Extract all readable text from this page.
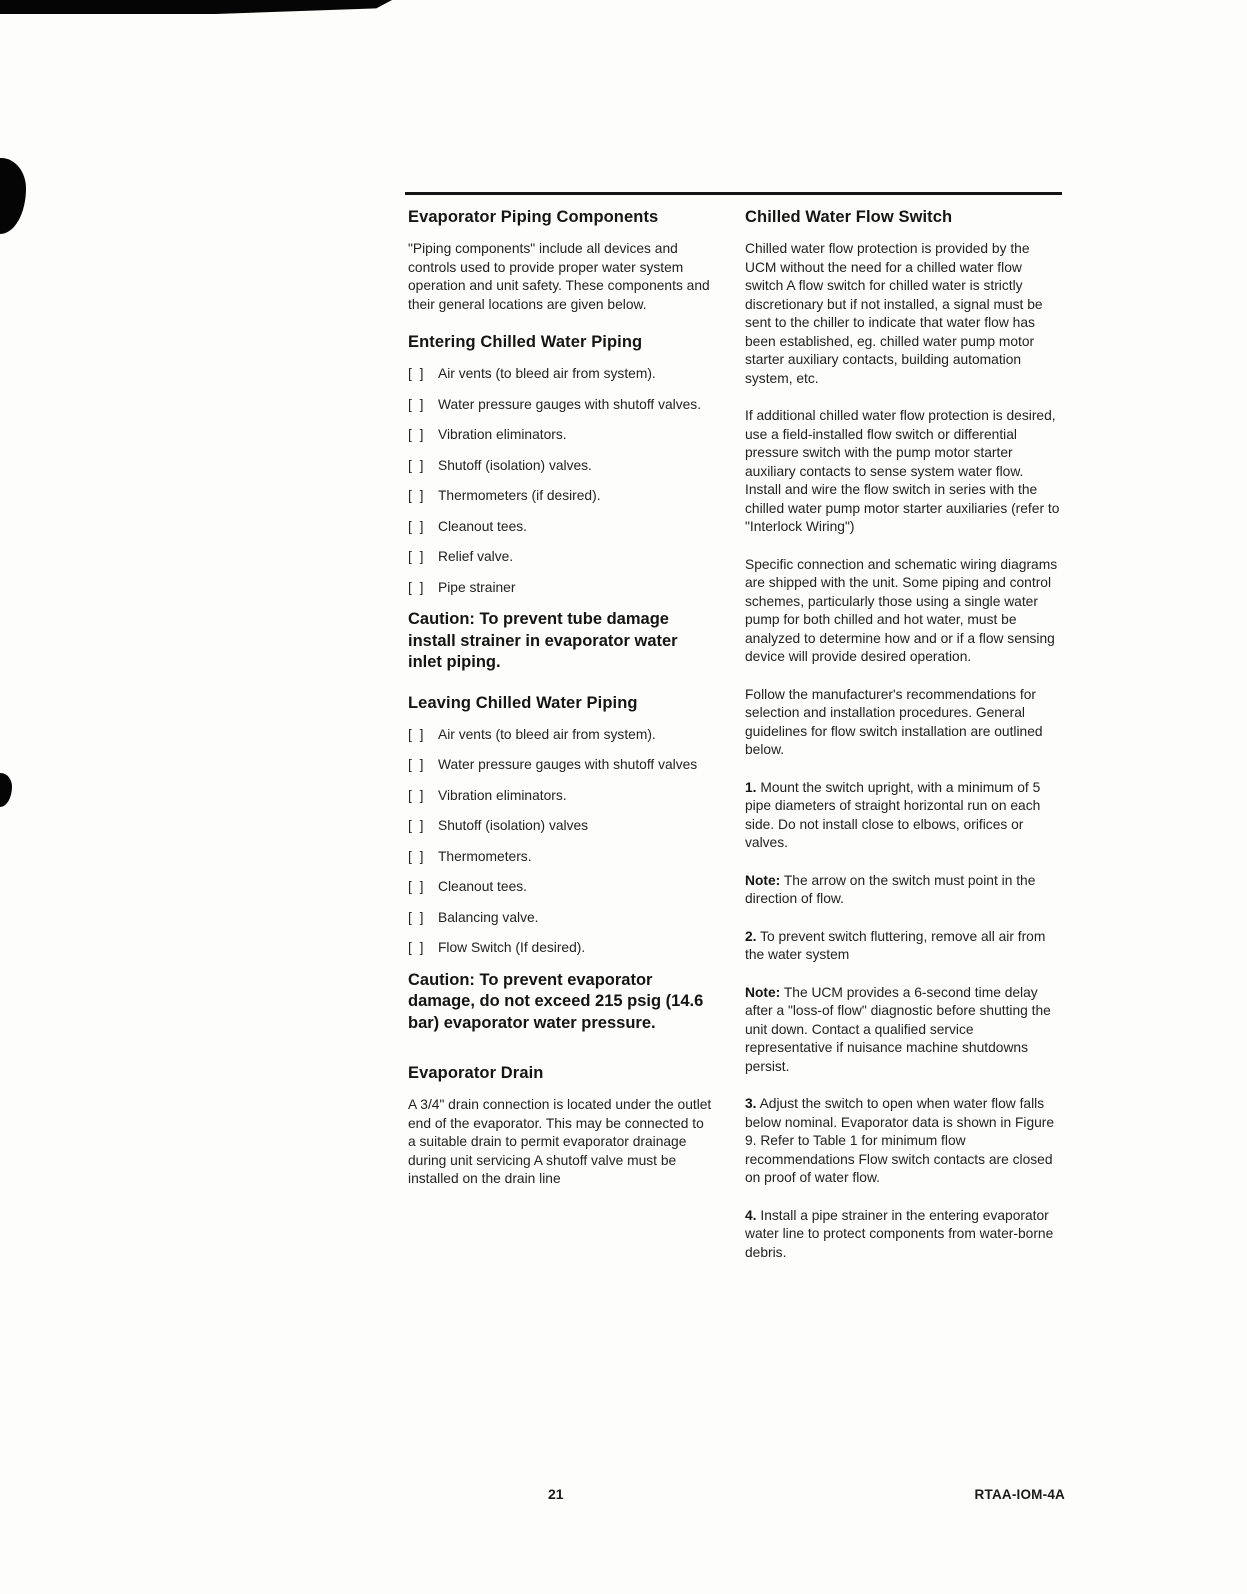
Evaporator Piping Components
"Piping components" include all devices and controls used to provide proper water system operation and unit safety. These components and their general locations are given below.
Entering Chilled Water Piping
[ ] Air vents (to bleed air from system).
[ ] Water pressure gauges with shutoff valves.
[ ] Vibration eliminators.
[ ] Shutoff (isolation) valves.
[ ] Thermometers (if desired).
[ ] Cleanout tees.
[ ] Relief valve.
[ ] Pipe strainer
Caution: To prevent tube damage install strainer in evaporator water inlet piping.
Leaving Chilled Water Piping
[ ] Air vents (to bleed air from system).
[ ] Water pressure gauges with shutoff valves
[ ] Vibration eliminators.
[ ] Shutoff (isolation) valves
[ ] Thermometers.
[ ] Cleanout tees.
[ ] Balancing valve.
[ ] Flow Switch (If desired).
Caution: To prevent evaporator damage, do not exceed 215 psig (14.6 bar) evaporator water pressure.
Evaporator Drain
A 3/4" drain connection is located under the outlet end of the evaporator. This may be connected to a suitable drain to permit evaporator drainage during unit servicing A shutoff valve must be installed on the drain line
Chilled Water Flow Switch
Chilled water flow protection is provided by the UCM without the need for a chilled water flow switch A flow switch for chilled water is strictly discretionary but if not installed, a signal must be sent to the chiller to indicate that water flow has been established, eg. chilled water pump motor starter auxiliary contacts, building automation system, etc.
If additional chilled water flow protection is desired, use a field-installed flow switch or differential pressure switch with the pump motor starter auxiliary contacts to sense system water flow. Install and wire the flow switch in series with the chilled water pump motor starter auxiliaries (refer to "Interlock Wiring")
Specific connection and schematic wiring diagrams are shipped with the unit. Some piping and control schemes, particularly those using a single water pump for both chilled and hot water, must be analyzed to determine how and or if a flow sensing device will provide desired operation.
Follow the manufacturer's recommendations for selection and installation procedures. General guidelines for flow switch installation are outlined below.
1. Mount the switch upright, with a minimum of 5 pipe diameters of straight horizontal run on each side. Do not install close to elbows, orifices or valves.
Note: The arrow on the switch must point in the direction of flow.
2. To prevent switch fluttering, remove all air from the water system
Note: The UCM provides a 6-second time delay after a "loss-of flow" diagnostic before shutting the unit down. Contact a qualified service representative if nuisance machine shutdowns persist.
3. Adjust the switch to open when water flow falls below nominal. Evaporator data is shown in Figure 9. Refer to Table 1 for minimum flow recommendations Flow switch contacts are closed on proof of water flow.
4. Install a pipe strainer in the entering evaporator water line to protect components from water-borne debris.
21	RTAA-IOM-4A
